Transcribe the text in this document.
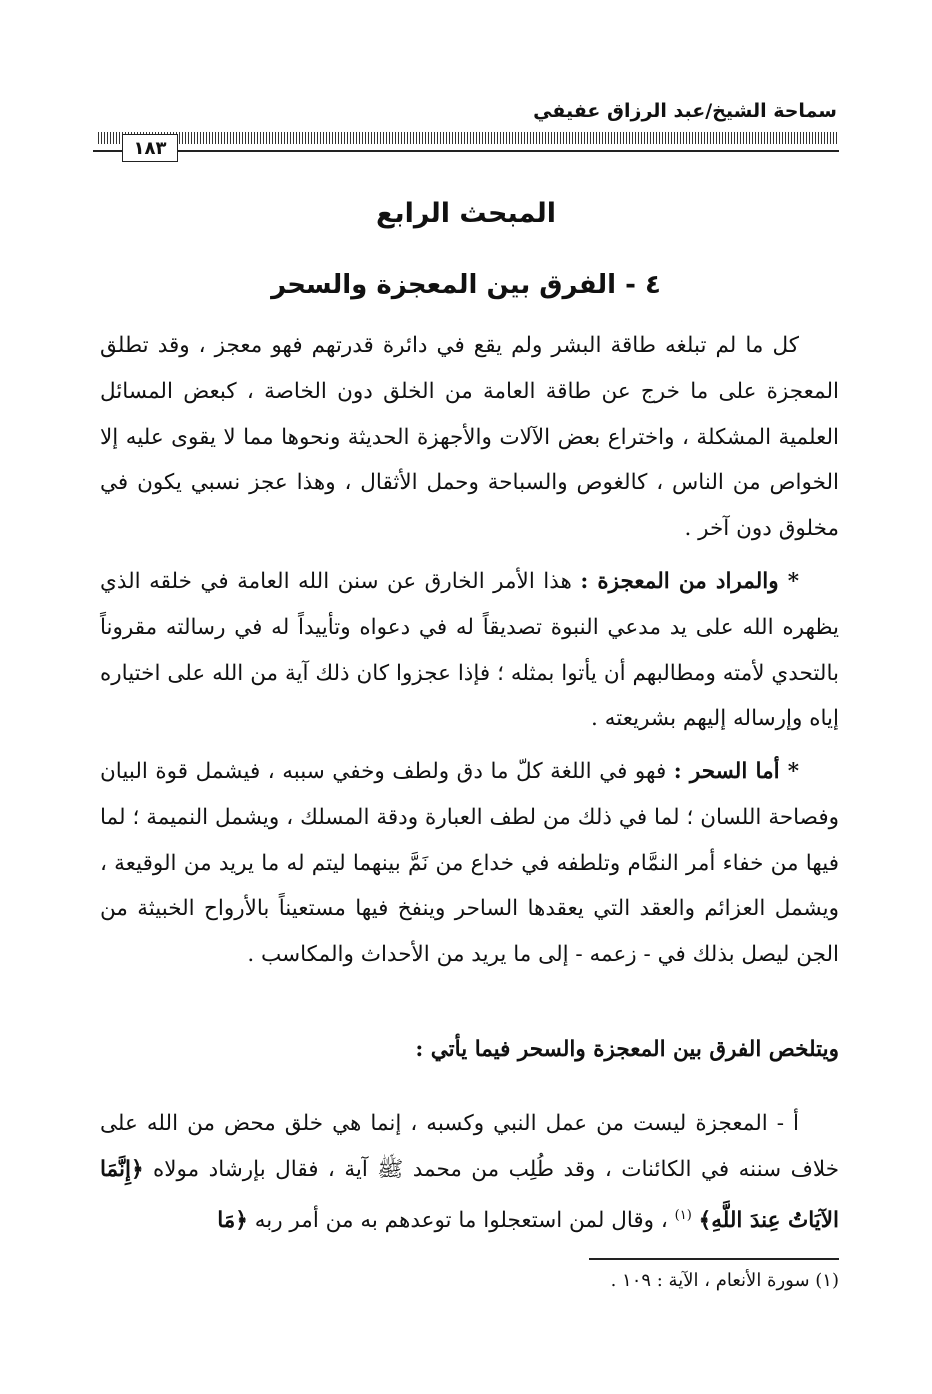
سماحة الشيخ/عبد الرزاق عفيفي
١٨٣
المبحث الرابع
٤ - الفرق بين المعجزة والسحر

كل ما لم تبلغه طاقة البشر ولم يقع في دائرة قدرتهم فهو معجز ، وقد تطلق المعجزة على ما خرج عن طاقة العامة من الخلق دون الخاصة ، كبعض المسائل العلمية المشكلة ، واختراع بعض الآلات والأجهزة الحديثة ونحوها مما لا يقوى عليه إلا الخواص من الناس ، كالغوص والسباحة وحمل الأثقال ، وهذا عجز نسبي يكون في مخلوق دون آخر .

* والمراد من المعجزة : هذا الأمر الخارق عن سنن الله العامة في خلقه الذي يظهره الله على يد مدعي النبوة تصديقاً له في دعواه وتأييداً له في رسالته مقروناً بالتحدي لأمته ومطالبهم أن يأتوا بمثله ؛ فإذا عجزوا كان ذلك آية من الله على اختياره إياه وإرساله إليهم بشريعته .

* أما السحر : فهو في اللغة كلّ ما دق ولطف وخفي سببه ، فيشمل قوة البيان وفصاحة اللسان ؛ لما في ذلك من لطف العبارة ودقة المسلك ، ويشمل النميمة ؛ لما فيها من خفاء أمر النمَّام وتلطفه في خداع من نَمَّ بينهما ليتم له ما يريد من الوقيعة ، ويشمل العزائم والعقد التي يعقدها الساحر وينفخ فيها مستعيناً بالأرواح الخبيثة من الجن ليصل بذلك في - زعمه - إلى ما يريد من الأحداث والمكاسب .

ويتلخص الفرق بين المعجزة والسحر فيما يأتي :

أ - المعجزة ليست من عمل النبي وكسبه ، إنما هي خلق محض من الله على خلاف سننه في الكائنات ، وقد طُلِب من محمد ﷺ آية ، فقال بإرشاد مولاه ﴿إِنَّمَا الآيَاتُ عِندَ اللَّهِ﴾ $^{(١)}$ ، وقال لمن استعجلوا ما توعدهم به من أمر ربه ﴿مَا

(١) سورة الأنعام ، الآية : ١٠٩ .
